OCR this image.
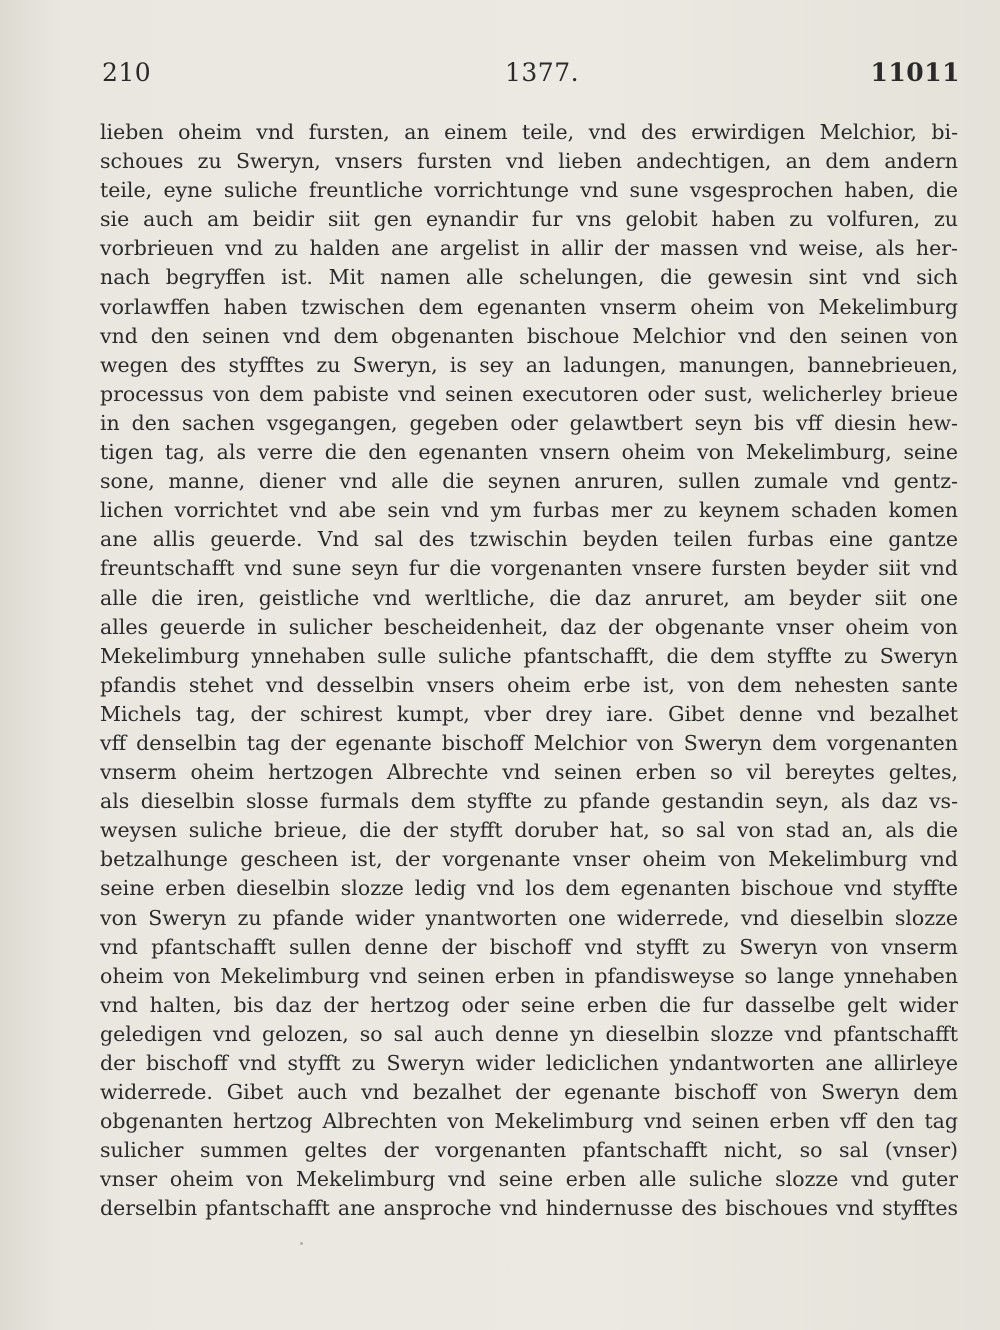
210	1377.	11011
lieben oheim vnd fursten, an einem teile, vnd des erwirdigen Melchior, bi-
schoues zu Sweryn, vnsers fursten vnd lieben andechtigen, an dem andern
teile, eyne suliche freuntliche vorrichtunge vnd sune vsgesprochen haben, die
sie auch am beidir siit gen eynandir fur vns gelobit haben zu volfuren, zu
vorbrieuen vnd zu halden ane argelist in allir der massen vnd weise, als her-
nach begryffen ist. Mit namen alle schelungen, die gewesin sint vnd sich
vorlawffen haben tzwischen dem egenanten vnserm oheim von Mekelimburg
vnd den seinen vnd dem obgenanten bischoue Melchior vnd den seinen von
wegen des styfftes zu Sweryn, is sey an ladungen, manungen, bannebrieuen,
processus von dem pabiste vnd seinen executoren oder sust, welicherley brieue
in den sachen vsgegangen, gegeben oder gelawtbert seyn bis vff diesin hew-
tigen tag, als verre die den egenanten vnsern oheim von Mekelimburg, seine
sone, manne, diener vnd alle die seynen anruren, sullen zumale vnd gentz-
lichen vorrichtet vnd abe sein vnd ym furbas mer zu keynem schaden komen
ane allis geuerde. Vnd sal des tzwischin beyden teilen furbas eine gantze
freuntschafft vnd sune seyn fur die vorgenanten vnsere fursten beyder siit vnd
alle die iren, geistliche vnd werltliche, die daz anruret, am beyder siit one
alles geuerde in sulicher bescheidenheit, daz der obgenante vnser oheim von
Mekelimburg ynnehaben sulle suliche pfantschafft, die dem styffte zu Sweryn
pfandis stehet vnd desselbin vnsers oheim erbe ist, von dem nehesten sante
Michels tag, der schirest kumpt, vber drey iare. Gibet denne vnd bezalhet
vff denselbin tag der egenante bischoff Melchior von Sweryn dem vorgenanten
vnserm oheim hertzogen Albrechte vnd seinen erben so vil bereytes geltes,
als dieselbin slosse furmals dem styffte zu pfande gestandin seyn, als daz vs-
weysen suliche brieue, die der styfft doruber hat, so sal von stad an, als die
betzalhunge gescheen ist, der vorgenante vnser oheim von Mekelimburg vnd
seine erben dieselbin slozze ledig vnd los dem egenanten bischoue vnd styffte
von Sweryn zu pfande wider ynantworten one widerrede, vnd dieselbin slozze
vnd pfantschafft sullen denne der bischoff vnd styfft zu Sweryn von vnserm
oheim von Mekelimburg vnd seinen erben in pfandisweyse so lange ynnehaben
vnd halten, bis daz der hertzog oder seine erben die fur dasselbe gelt wider
geledigen vnd gelozen, so sal auch denne yn dieselbin slozze vnd pfantschafft
der bischoff vnd styfft zu Sweryn wider lediclichen yndantworten ane allirleye
widerrede. Gibet auch vnd bezalhet der egenante bischoff von Sweryn dem
obgenanten hertzog Albrechten von Mekelimburg vnd seinen erben vff den tag
sulicher summen geltes der vorgenanten pfantschafft nicht, so sal (vnser)
vnser oheim von Mekelimburg vnd seine erben alle suliche slozze vnd guter
derselbin pfantschafft ane ansproche vnd hindernusse des bischoues vnd styfftes
